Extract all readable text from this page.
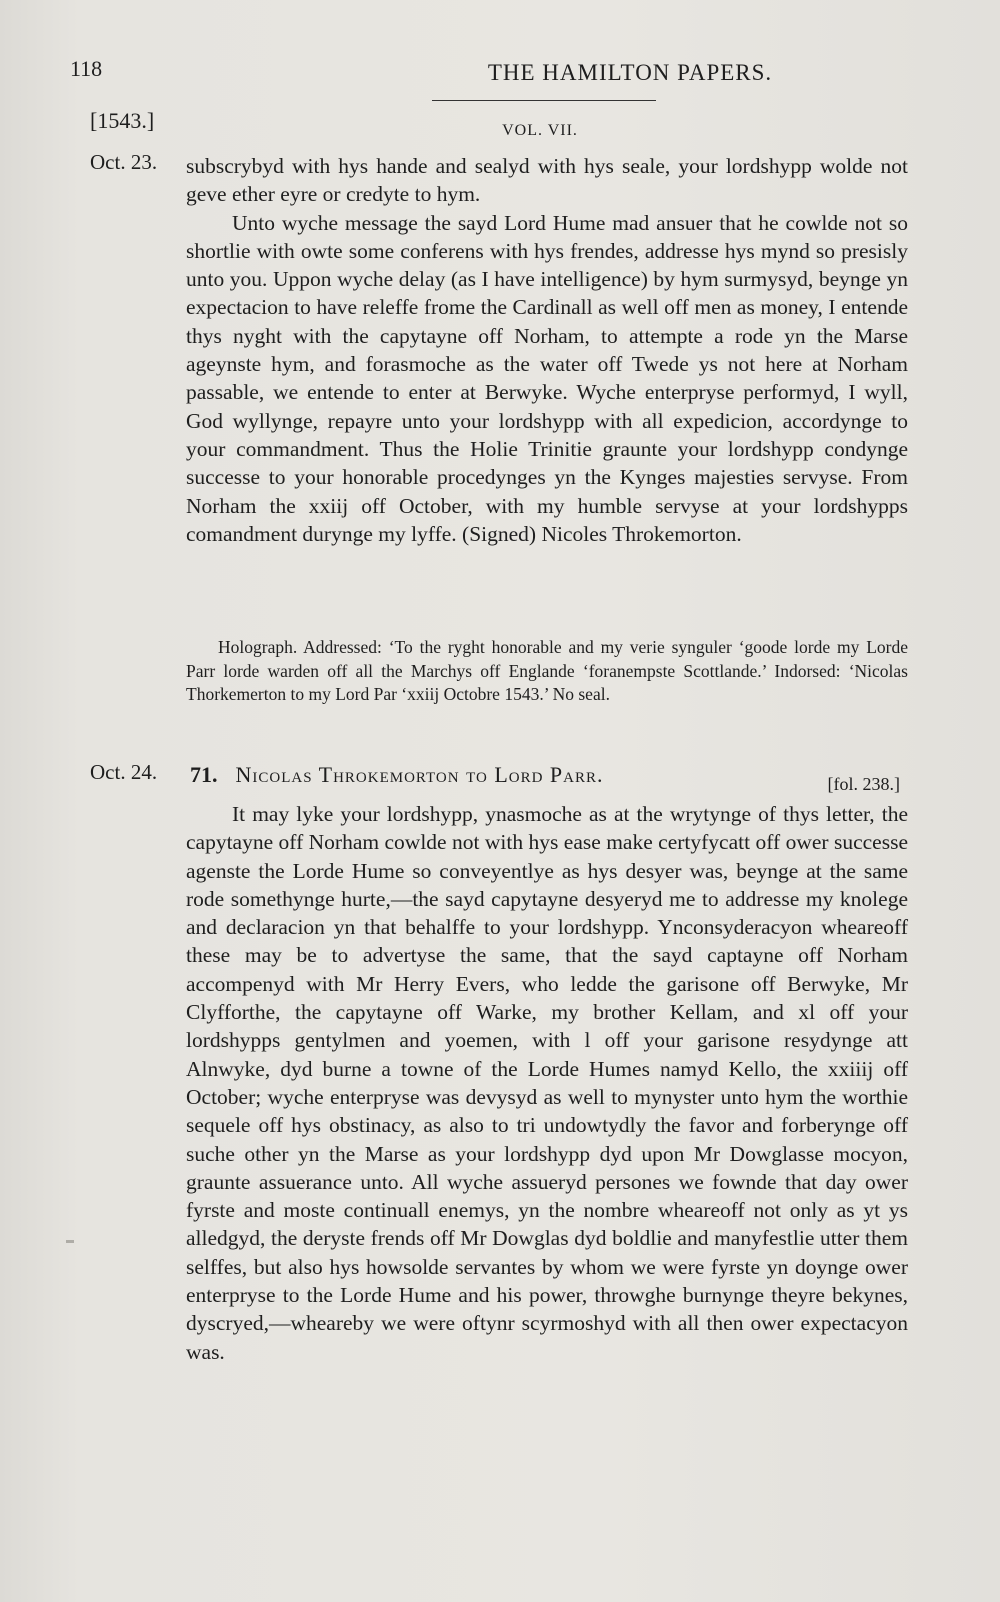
118	THE HAMILTON PAPERS.
[1543.]	VOL. VII.
Oct. 23. subscrybyd with hys hande and sealyd with hys seale, your lordshypp wolde not geve ether eyre or credyte to hym.

Unto wyche message the sayd Lord Hume mad ansuer that he cowlde not so shortlie with owte some conferens with hys frendes, addresse hys mynd so presisly unto you. Uppon wyche delay (as I have intelligence) by hym surmysyd, beynge yn expectacion to have releffe frome the Cardinall as well off men as money, I entende thys nyght with the capytayne off Norham, to attempte a rode yn the Marse ageynste hym, and forasmoche as the water off Twede ys not here at Norham passable, we entende to enter at Berwyke. Wyche enterpryse performyd, I wyll, God wyllynge, repayre unto your lordshypp with all expedicion, accordynge to your commandment. Thus the Holie Trinitie graunte your lordshypp condynge successe to your honorable procedynges yn the Kynges majesties servyse. From Norham the xxiij off October, with my humble servyse at your lordshypps comandment durynge my lyffe. (Signed) Nicoles Throkemorton.

Holograph. Addressed: ‘To the ryght honorable and my verie synguler ‘goode lorde my Lorde Parr lorde warden off all the Marchys off Englande ‘foranempste Scottlande.’ Indorsed: ‘Nicolas Thorkemerton to my Lord Par ‘xxiij Octobre 1543.’ No seal.

Oct. 24. 71. Nicolas Throkemorton to Lord Parr.	[fol. 238.]

It may lyke your lordshypp, ynasmoche as at the wrytynge of thys letter, the capytayne off Norham cowlde not with hys ease make certyfycatt off ower successe agenste the Lorde Hume so conveyentlye as hys desyer was, beynge at the same rode somethynge hurte,—the sayd capytayne desyeryd me to addresse my knolege and declaracion yn that behalffe to your lordshypp. Ynconsyderacyon wheareoff these may be to advertyse the same, that the sayd captayne off Norham accompenyd with Mr Herry Evers, who ledde the garisone off Berwyke, Mr Clyfforthe, the capytayne off Warke, my brother Kellam, and xl off your lordshypps gentylmen and yoemen, with l off your garisone resydynge att Alnwyke, dyd burne a towne of the Lorde Humes namyd Kello, the xxiiij off October; wyche enterpryse was devysyd as well to mynyster unto hym the worthie sequele off hys obstinacy, as also to tri undowtydly the favor and forberynge off suche other yn the Marse as your lordshypp dyd upon Mr Dowglasse mocyon, graunte assuerance unto. All wyche assueryd persones we fownde that day ower fyrste and moste continuall enemys, yn the nombre wheareoff not only as yt ys alledgyd, the deryste frends off Mr Dowglas dyd boldlie and manyfestlie utter them selffes, but also hys howsolde servantes by whom we were fyrste yn doynge ower enterpryse to the Lorde Hume and his power, throwghe burnynge theyre bekynes, dyscryed,—wheareby we were oftynr scyrmoshyd with all then ower expectacyon was.
